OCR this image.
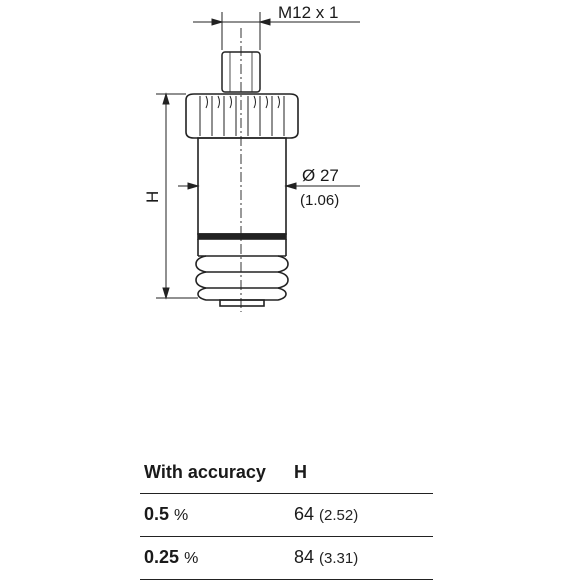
M12 x 1
Ø 27
(1.06)
H
With accuracy	H
0.5 %	64 (2.52)
0.25 %	84 (3.31)
